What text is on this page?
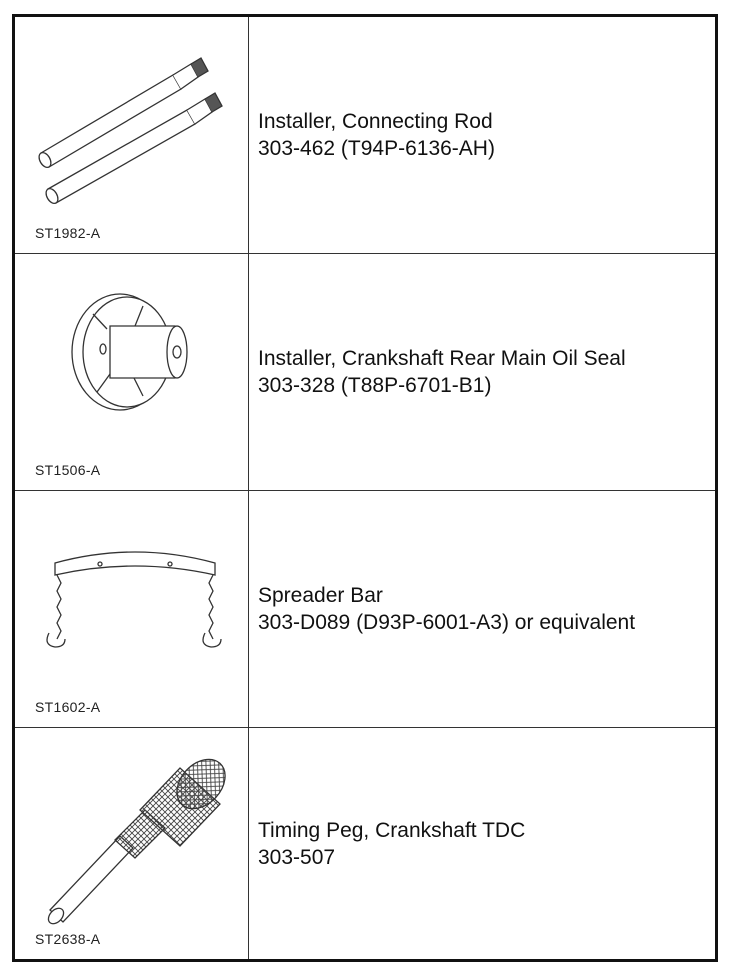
ST1982-A
Installer, Connecting Rod
303-462 (T94P-6136-AH)
ST1506-A
Installer, Crankshaft Rear Main Oil Seal
303-328 (T88P-6701-B1)
ST1602-A
Spreader Bar
303-D089 (D93P-6001-A3) or equivalent
ST2638-A
Timing Peg, Crankshaft TDC
303-507
